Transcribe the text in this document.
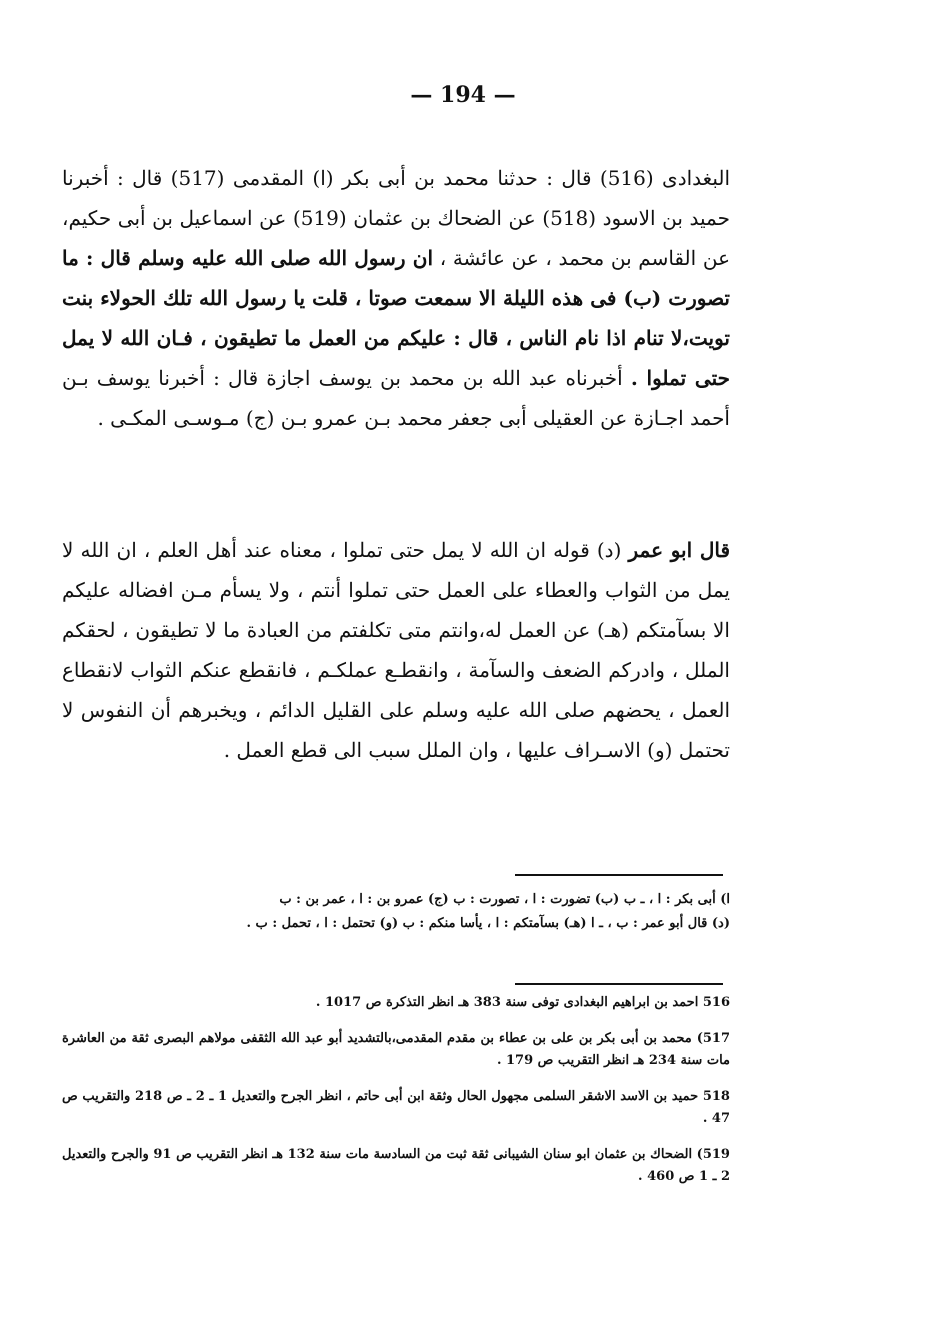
— 194 —
البغدادى (516) قال : حدثنا محمد بن أبى بكر (ا) المقدمى (517) قال : أخبرنا حميد بن الاسود (518) عن الضحاك بن عثمان (519) عن اسماعيل بن أبى حكيم، عن القاسم بن محمد ، عن عائشة ، ان رسول الله صلى الله عليه وسلم قال : ما تصورت (ب) فى هذه الليلة الا سمعت صوتا ، قلت يا رسول الله تلك الحولاء بنت تويت،لا تنام اذا نام الناس ، قال : عليكم من العمل ما تطيقون ، فـان الله لا يمل حتى تملوا . أخبرناه عبد الله بن محمد بن يوسف اجازة قال : أخبرنا يوسف بـن أحمد اجـازة عن العقيلى أبى جعفر محمد بـن عمرو بـن (ج) مـوسـى المكـى .
قال ابو عمر (د) قوله ان الله لا يمل حتى تملوا ، معناه عند أهل العلم ، ان الله لا يمل من الثواب والعطاء على العمل حتى تملوا أنتم ، ولا يسأم مـن افضاله عليكم الا بسآمتكم (هـ) عن العمل له،وانتم متى تكلفتم من العبادة ما لا تطيقون ، لحقكم الملل ، وادركم الضعف والسآمة ، وانقطـع عملكـم ، فانقطع عنكم الثواب لانقطاع العمل ، يحضهم صلى الله عليه وسلم على القليل الدائم ، ويخبرهم أن النفوس لا تحتمل (و) الاسـراف عليها ، وان الملل سبب الى قطع العمل .
ا) أبى بكر : ا ، ـ ب (ب) تضورت : ا ، تصورت : ب (ج) عمرو بن : ا ، عمر بن : ب
(د) قال أبو عمر : ب ، ـ ا (هـ) بسآمتكم : ا ، يأسا منكم : ب (و) تحتمل : ا ، تحمل : ب .

516 احمد بن ابراهيم البغدادى توفى سنة 383 هـ انظر التذكرة ص 1017 .

517) محمد بن أبى بكر بن على بن عطاء بن مقدم المقدمى،بالتشديد أبو عبد الله الثقفى مولاهم البصرى ثقة من العاشرة مات سنة 234 هـ انظر التقريب ص 179 .

518 حميد بن الاسد الاشقر السلمى مجهول الحال وثقة ابن أبى حاتم ، انظر الجرح والتعديل 1 ـ 2 ـ ص 218 والتقريب ص 47 .

519) الضحاك بن عثمان ابو سنان الشيبانى ثقة ثبت من السادسة مات سنة 132 هـ انظر التقريب ص 91 والجرح والتعديل 2 ـ 1 ص 460 .
